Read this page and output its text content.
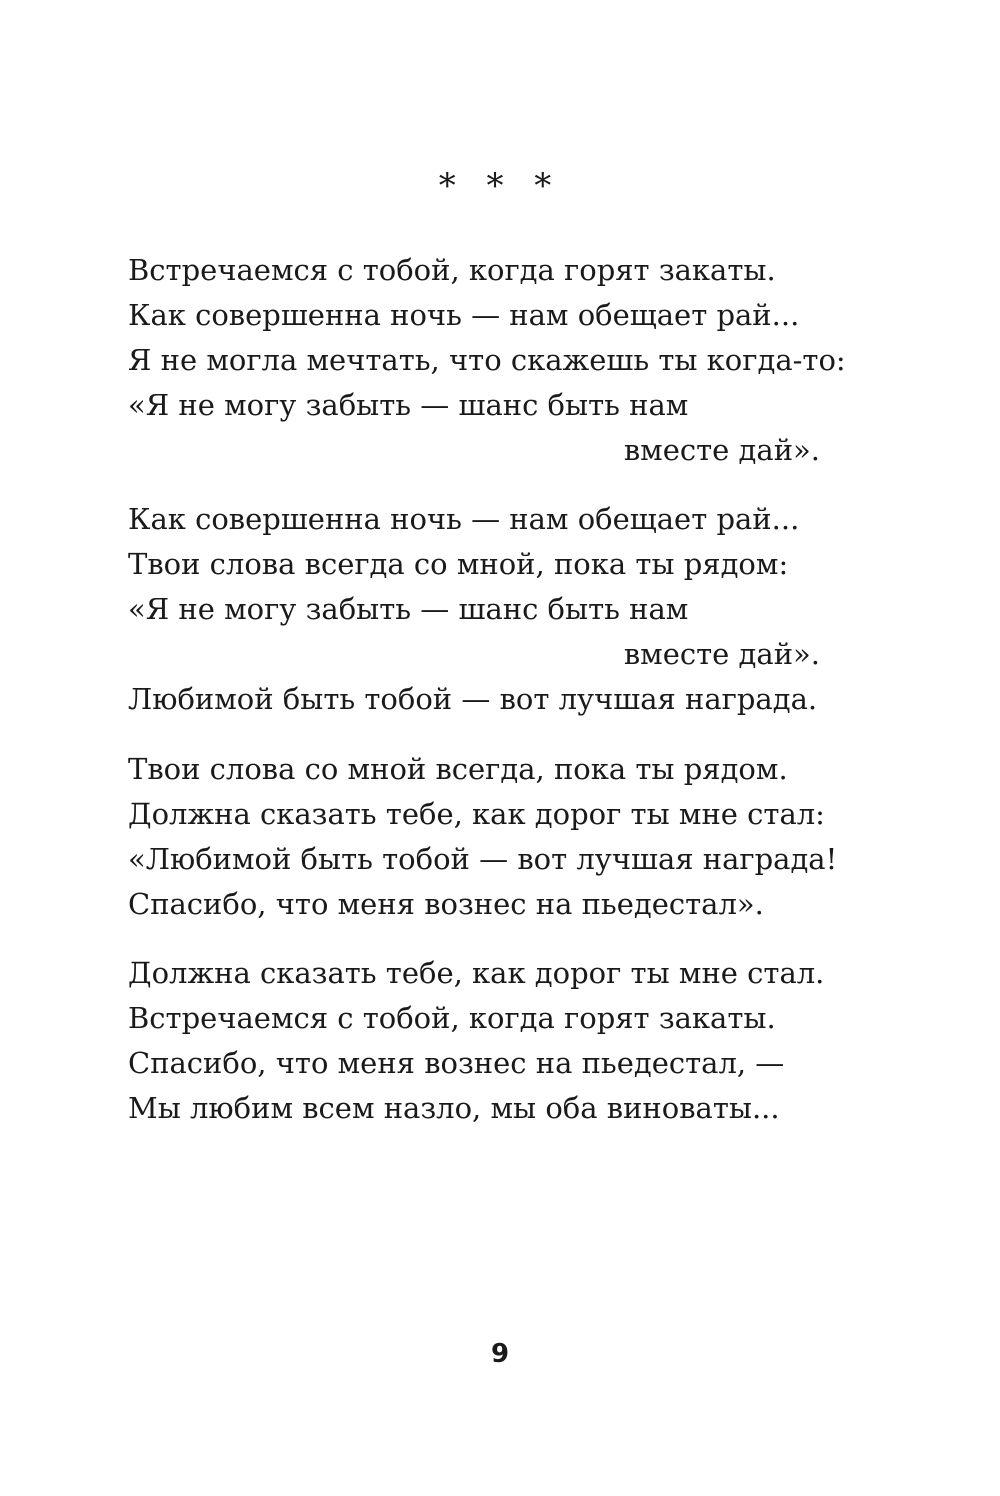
* * *
Встречаемся с тобой, когда горят закаты.
Как совершенна ночь — нам обещает рай...
Я не могла мечтать, что скажешь ты когда-то:
«Я не могу забыть — шанс быть нам
вместе дай».
Как совершенна ночь — нам обещает рай...
Твои слова всегда со мной, пока ты рядом:
«Я не могу забыть — шанс быть нам
вместе дай».
Любимой быть тобой — вот лучшая награда.
Твои слова со мной всегда, пока ты рядом.
Должна сказать тебе, как дорог ты мне стал:
«Любимой быть тобой — вот лучшая награда!
Спасибо, что меня вознес на пьедестал».
Должна сказать тебе, как дорог ты мне стал.
Встречаемся с тобой, когда горят закаты.
Спасибо, что меня вознес на пьедестал, —
Мы любим всем назло, мы оба виноваты...
9
